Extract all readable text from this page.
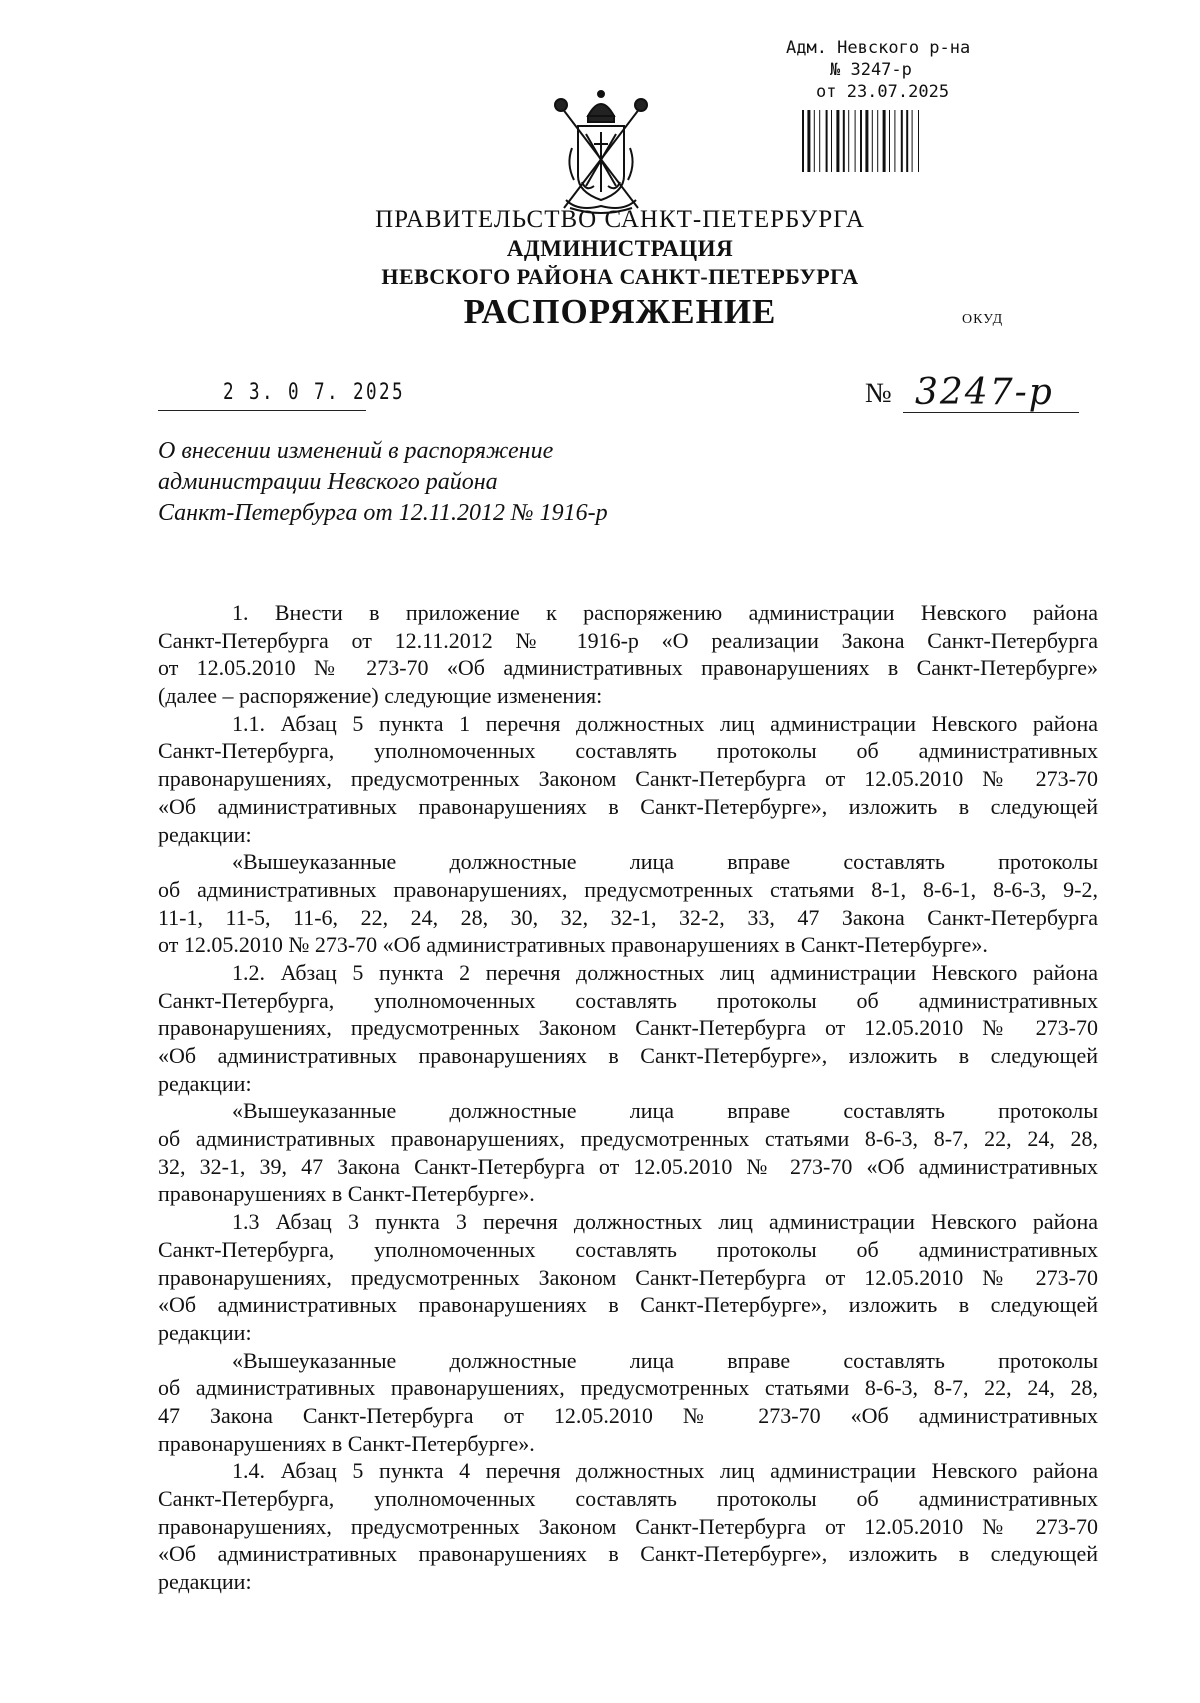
Адм. Невского р-на
№ 3247-р
от 23.07.2025
ПРАВИТЕЛЬСТВО САНКТ-ПЕТЕРБУРГА
АДМИНИСТРАЦИЯ
НЕВСКОГО РАЙОНА САНКТ-ПЕТЕРБУРГА
РАСПОРЯЖЕНИЕ	ОКУД
2 3. 0 7. 2025	№ 3247-р
О внесении изменений в распоряжение
администрации Невского района
Санкт-Петербурга от 12.11.2012 № 1916-р
1. Внести в приложение к распоряжению администрации Невского района
Санкт-Петербурга от 12.11.2012 № 1916-р «О реализации Закона Санкт-Петербурга
от 12.05.2010 № 273-70 «Об административных правонарушениях в Санкт-Петербурге»
(далее – распоряжение) следующие изменения:
1.1. Абзац 5 пункта 1 перечня должностных лиц администрации Невского района
Санкт-Петербурга, уполномоченных составлять протоколы об административных
правонарушениях, предусмотренных Законом Санкт-Петербурга от 12.05.2010 № 273-70
«Об административных правонарушениях в Санкт-Петербурге», изложить в следующей
редакции:
«Вышеуказанные должностные лица вправе составлять протоколы
об административных правонарушениях, предусмотренных статьями 8-1, 8-6-1, 8-6-3, 9-2,
11-1, 11-5, 11-6, 22, 24, 28, 30, 32, 32-1, 32-2, 33, 47 Закона Санкт-Петербурга
от 12.05.2010 № 273-70 «Об административных правонарушениях в Санкт-Петербурге».
1.2. Абзац 5 пункта 2 перечня должностных лиц администрации Невского района
Санкт-Петербурга, уполномоченных составлять протоколы об административных
правонарушениях, предусмотренных Законом Санкт-Петербурга от 12.05.2010 № 273-70
«Об административных правонарушениях в Санкт-Петербурге», изложить в следующей
редакции:
«Вышеуказанные должностные лица вправе составлять протоколы
об административных правонарушениях, предусмотренных статьями 8-6-3, 8-7, 22, 24, 28,
32, 32-1, 39, 47 Закона Санкт-Петербурга от 12.05.2010 № 273-70 «Об административных
правонарушениях в Санкт-Петербурге».
1.3 Абзац 3 пункта 3 перечня должностных лиц администрации Невского района
Санкт-Петербурга, уполномоченных составлять протоколы об административных
правонарушениях, предусмотренных Законом Санкт-Петербурга от 12.05.2010 № 273-70
«Об административных правонарушениях в Санкт-Петербурге», изложить в следующей
редакции:
«Вышеуказанные должностные лица вправе составлять протоколы
об административных правонарушениях, предусмотренных статьями 8-6-3, 8-7, 22, 24, 28,
47 Закона Санкт-Петербурга от 12.05.2010 № 273-70 «Об административных
правонарушениях в Санкт-Петербурге».
1.4. Абзац 5 пункта 4 перечня должностных лиц администрации Невского района
Санкт-Петербурга, уполномоченных составлять протоколы об административных
правонарушениях, предусмотренных Законом Санкт-Петербурга от 12.05.2010 № 273-70
«Об административных правонарушениях в Санкт-Петербурге», изложить в следующей
редакции:
